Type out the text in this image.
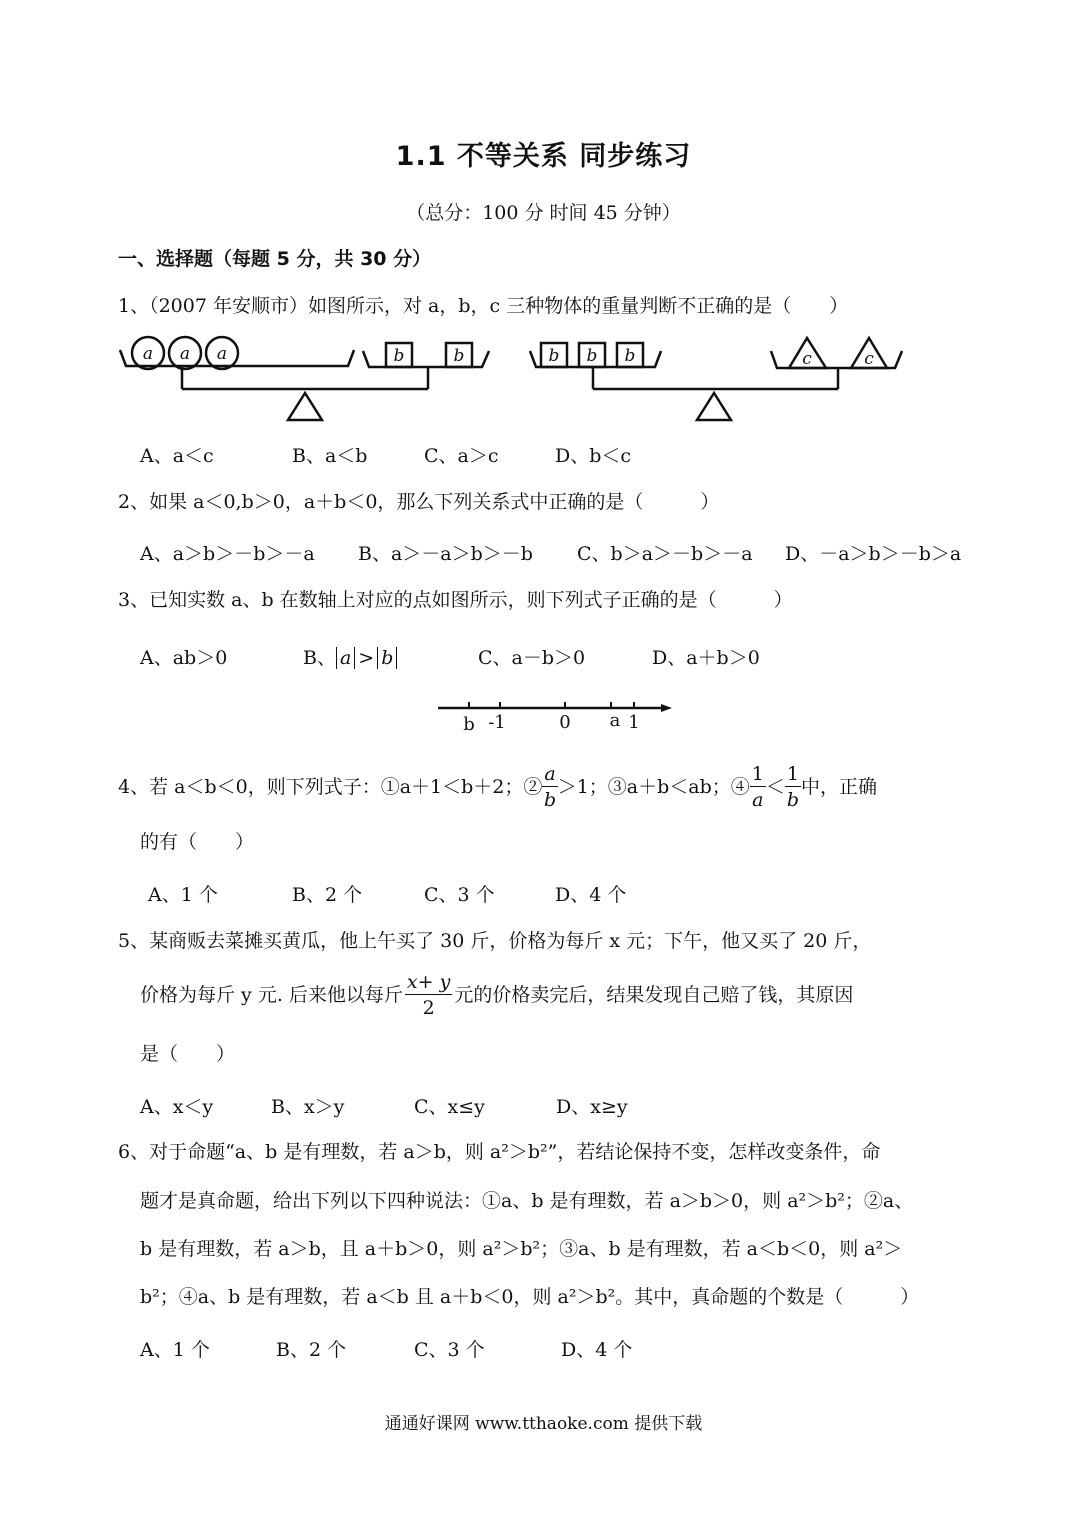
1.1 不等关系 同步练习
（总分：100 分 时间 45 分钟）
一、选择题（每题 5 分，共 30 分）
1、（2007 年安顺市）如图所示，对 a，b，c 三种物体的重量判断不正确的是（　　）
a a a	b	b	b b b	c	c
A、a＜c	B、a＜b	C、a＞c	D、b＜c
2、如果 a＜0,b＞0，a＋b＜0，那么下列关系式中正确的是（　　　）
A、a＞b＞－b＞－a B、a＞－a＞b＞－b C、b＞a＞－b＞－a D、－a＞b＞－b＞a
3、已知实数 a、b 在数轴上对应的点如图所示，则下列式子正确的是（　　　）
A、ab＞0	B、 a > b	C、a－b＞0	D、a＋b＞0
b -1	0 a 1
4、若 a＜b＜0，则下列式子：①a＋1＜b＋2；② $\frac{a}{b} >1$；③a＋b＜ab；④ $\frac{1}{a} < \frac{1}{b}$ 中，正确
的有（　　）
A、1 个	B、2 个	C、3 个	D、4 个
5、某商贩去菜摊买黄瓜，他上午买了 30 斤，价格为每斤 x 元；下午，他又买了 20 斤，
价格为每斤 y 元. 后来他以每斤 $\frac{x+ y}{2}$ 元的价格卖完后，结果发现自己赔了钱，其原因
是（　　）
A、x＜y	B、x＞y	C、x≤y	D、x≥y
6、对于命题“a、b 是有理数，若 a＞b，则 a²＞b²”，若结论保持不变，怎样改变条件，命
题才是真命题，给出下列以下四种说法：①a、b 是有理数，若 a＞b＞0，则 a²＞b²；②a、
b 是有理数，若 a＞b，且 a＋b＞0，则 a²＞b²；③a、b 是有理数，若 a＜b＜0，则 a²＞
b²；④a、b 是有理数，若 a＜b 且 a＋b＜0，则 a²＞b²。其中，真命题的个数是（　　　）
A、1 个	B、2 个	C、3 个	D、4 个
通通好课网 www.tthaoke.com 提供下载
